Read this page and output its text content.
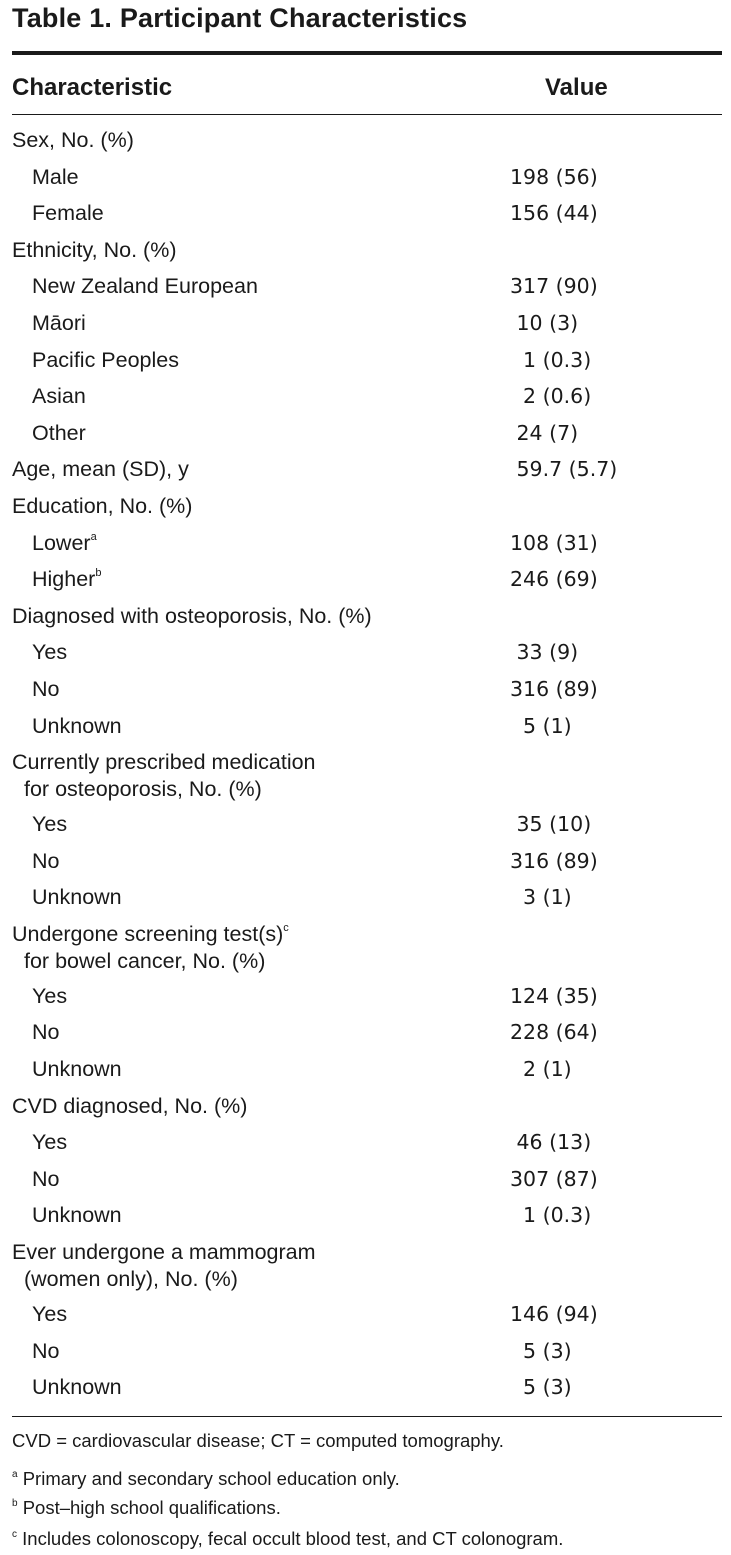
Table 1. Participant Characteristics
Characteristic	Value
Sex, No. (%)
Male	198 (56)
Female	156 (44)
Ethnicity, No. (%)
New Zealand European	317 (90)
Māori	10 (3)
Pacific Peoples	1 (0.3)
Asian	2 (0.6)
Other	24 (7)
Age, mean (SD), y	59.7 (5.7)
Education, No. (%)
Lower$^a$	108 (31)
Higher$^b$	246 (69)
Diagnosed with osteoporosis, No. (%)
Yes	33 (9)
No	316 (89)
Unknown	5 (1)
Currently prescribed medication
for osteoporosis, No. (%)
Yes	35 (10)
No	316 (89)
Unknown	3 (1)
Undergone screening $test(s)^c$
for bowel cancer, No. (%)
Yes	124 (35)
No	228 (64)
Unknown	2 (1)
CVD diagnosed, No. (%)
Yes	46 (13)
No	307 (87)
Unknown	1 (0.3)
Ever undergone a mammogram
(women only), No. (%)
Yes	146 (94)
No	5 (3)
Unknown	5 (3)
CVD = cardiovascular disease; CT = computed tomography.
$^a$ Primary and secondary school education only.
$^b$ Post–high school qualifications.
$^c$ Includes colonoscopy, fecal occult blood test, and CT colonogram.
